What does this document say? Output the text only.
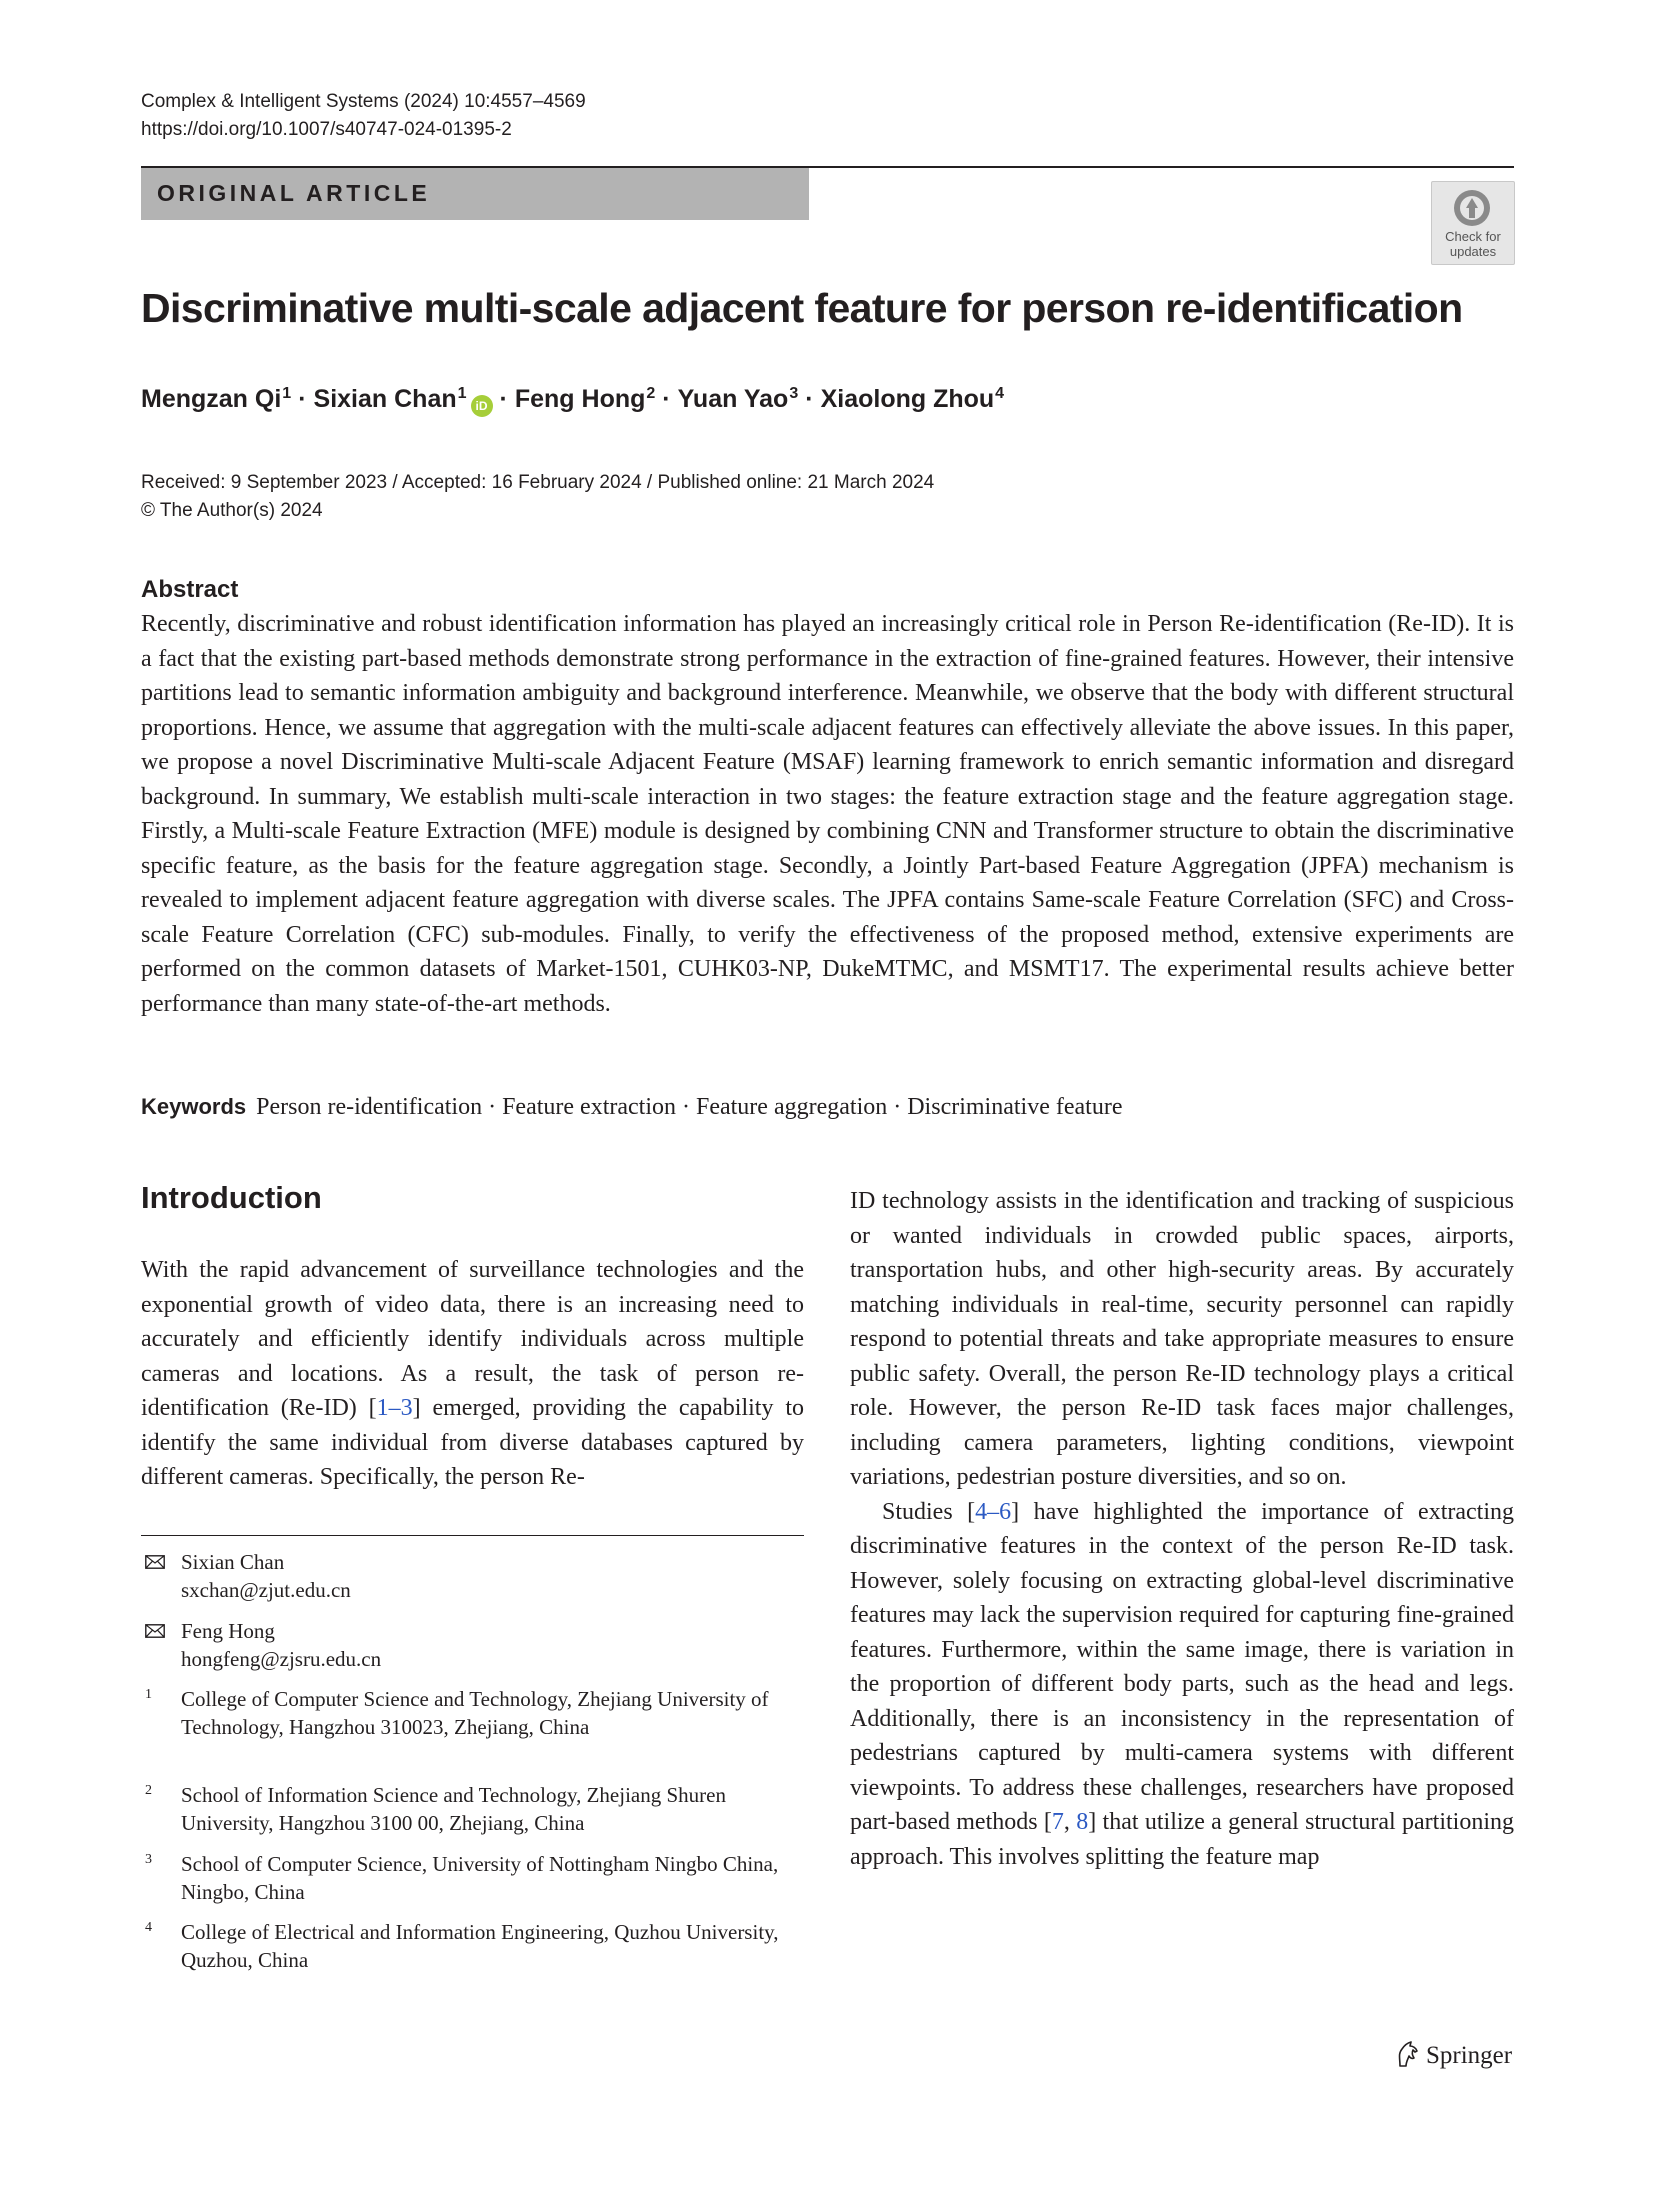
Complex & Intelligent Systems (2024) 10:4557–4569
https://doi.org/10.1007/s40747-024-01395-2
ORIGINAL ARTICLE
Check for updates
Discriminative multi-scale adjacent feature for person re-identification
Mengzan $Qi^1$ · Sixian Chan$^1$iD · Feng Hong$^2$ · Yuan Yao$^3$ · Xiaolong Zhou$^4$
Received: 9 September 2023 / Accepted: 16 February 2024 / Published online: 21 March 2024
© The Author(s) 2024
Abstract
Recently, discriminative and robust identification information has played an increasingly critical role in Person Re-identification (Re-ID). It is a fact that the existing part-based methods demonstrate strong performance in the extraction of fine-grained features. However, their intensive partitions lead to semantic information ambiguity and background interference. Meanwhile, we observe that the body with different structural proportions. Hence, we assume that aggregation with the multi-scale adjacent features can effectively alleviate the above issues. In this paper, we propose a novel Discriminative Multi-scale Adjacent Feature (MSAF) learning framework to enrich semantic information and disregard background. In summary, We establish multi-scale interaction in two stages: the feature extraction stage and the feature aggregation stage. Firstly, a Multi-scale Feature Extraction (MFE) module is designed by combining CNN and Transformer structure to obtain the discriminative specific feature, as the basis for the feature aggregation stage. Secondly, a Jointly Part-based Feature Aggregation (JPFA) mechanism is revealed to implement adjacent feature aggregation with diverse scales. The JPFA contains Same-scale Feature Correlation (SFC) and Cross-scale Feature Correlation (CFC) sub-modules. Finally, to verify the effectiveness of the proposed method, extensive experiments are performed on the common datasets of Market-1501, CUHK03-NP, DukeMTMC, and MSMT17. The experimental results achieve better performance than many state-of-the-art methods.
Keywords Person re-identification · Feature extraction · Feature aggregation · Discriminative feature
Introduction
With the rapid advancement of surveillance technologies and the exponential growth of video data, there is an increasing need to accurately and efficiently identify individuals across multiple cameras and locations. As a result, the task of person re-identification (Re-ID) [1–3] emerged, providing the capability to identify the same individual from diverse databases captured by different cameras. Specifically, the person Re-

ID technology assists in the identification and tracking of suspicious or wanted individuals in crowded public spaces, airports, transportation hubs, and other high-security areas. By accurately matching individuals in real-time, security personnel can rapidly respond to potential threats and take appropriate measures to ensure public safety. Overall, the person Re-ID technology plays a critical role. However, the person Re-ID task faces major challenges, including camera parameters, lighting conditions, viewpoint variations, pedestrian posture diversities, and so on.

Studies [4–6] have highlighted the importance of extracting discriminative features in the context of the person Re-ID task. However, solely focusing on extracting global-level discriminative features may lack the supervision required for capturing fine-grained features. Furthermore, within the same image, there is variation in the proportion of different body parts, such as the head and legs. Additionally, there is an inconsistency in the representation of pedestrians captured by multi-camera systems with different viewpoints. To address these challenges, researchers have proposed part-based methods [7, 8] that utilize a general structural partitioning approach. This involves splitting the feature map

Sixian Chan
sxchan@zjut.edu.cn
Feng Hong
hongfeng@zjsru.edu.cn
1 College of Computer Science and Technology, Zhejiang University of Technology, Hangzhou 310023, Zhejiang, China
2 School of Information Science and Technology, Zhejiang Shuren University, Hangzhou 3100 00, Zhejiang, China
3 School of Computer Science, University of Nottingham Ningbo China, Ningbo, China
4 College of Electrical and Information Engineering, Quzhou University, Quzhou, China
Springer
